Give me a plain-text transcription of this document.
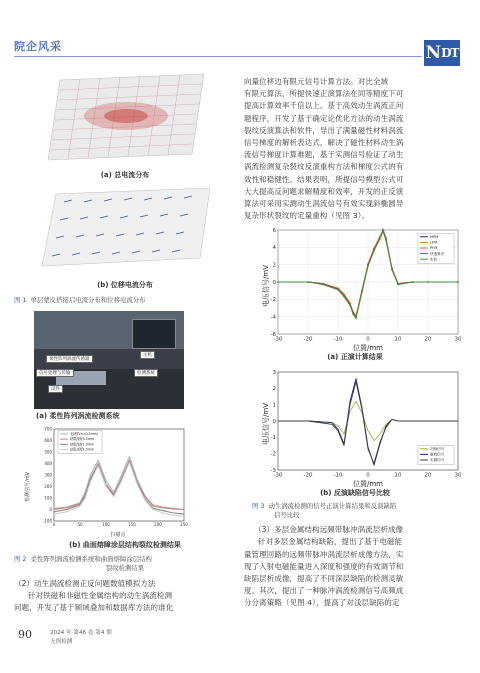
院企风采	N DT
(a) 总电流分布
(b) 位移电流分布
图 1 单层蒙皮搭接启电流分布和位移电流分布
柔性阵列涡流传感器
信号处理与传输
主机
检测系统
试件
(a) 柔性阵列涡流检测系统
0	50	100	150	200	250
-100
0
100
200
300
400
500
600
700
无缺陷(h=0.5mm)
缺陷深度0.5mm
缺陷深度1.0mm
缺陷深度1.5mm
检测信号/mV
扫描点
(b) 曲面熔障涂层结构裂纹检测结果
图 2 柔性阵列涡流检测系统和曲面熔障涂层结构
裂纹检测结果
（2）动生涡流检测正反问题数值模拟方法
针对铁磁和非磁性金属结构的动生涡流检测
问题，开发了基于频域叠加和数据库方法的谁化
向量位移边有限元信号计算方法。对比全域
有限元算法，所提快速正演算法在同等精度下可
提高计算效率千倍以上。基于高效动生涡流正问
题程序，开发了基于确定论优化方法的动生涡流
裂纹反演算法和软件，导出了满量磁性材料涡流
信号梯度的解析表达式，解决了磁性材料动生涡
流信号梯度计算难题，基于实测信号验证了动生
涡流检测复杂裂纹反演重构方法和梯度公式的有
效性和稳健性。结果表明，所提信号模型公式可
大大提高反问题求解精度和效率，开发的正反演
算法可采用实测动生涡流信号有效实现斜椭圆导
复杂形状裂纹的定量重构（见图 3）。
-30	-20	-10	0	10	20	30
-6
-4
-2
0
2
4
6
MPM
LFM
PFM
快速算法
实验
电压信号/mV
位置/mm
(a) 正演计算结果
-30	-20	-10	0	10	20	30
-3
-2
-1
0
1
2
3
初始信号
重构信号
实测信号
电压信号/mV
位置/mm
(b) 反演缺陷信号比较
图 3 动生涡流检测的信号正演计算结果和反演缺陷
信号比较
（3）多层金属结构远频带脉冲涡流层析成像
针对多层金属结构缺陷，提出了基于电磁能
量管理回路的远频带脉冲涡流层析成像方法，实
现了入射电磁能量进入深度和强度的有效调节和
缺陷层析成像，提高了不同深层缺陷的检测灵敏
度。其次，提出了一种脉冲涡流检测信号高频成
分分离策略（见图 4），提高了对浅层缺陷的定
90	2024 年 第46 卷 第4 期
无损检测
